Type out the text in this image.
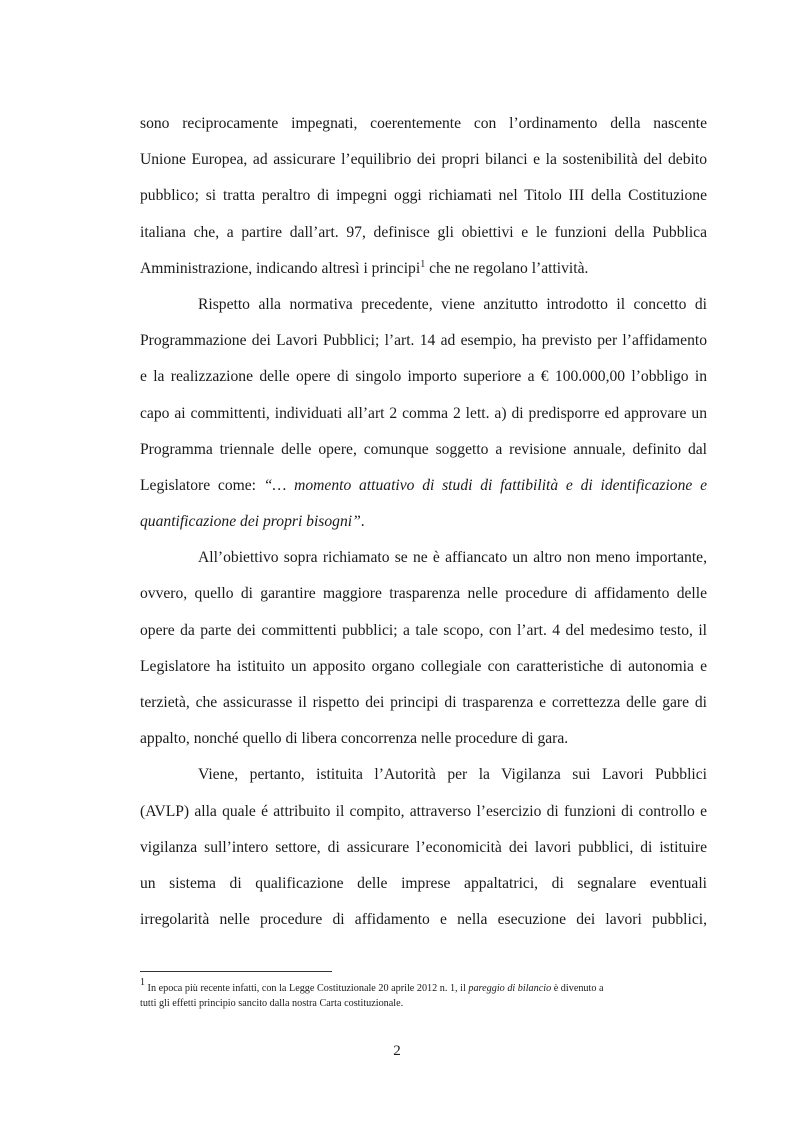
sono reciprocamente impegnati, coerentemente con l’ordinamento della nascente
Unione Europea, ad assicurare l’equilibrio dei propri bilanci e la sostenibilità del debito
pubblico; si tratta peraltro di impegni oggi richiamati nel Titolo III della Costituzione
italiana che, a partire dall’art. 97, definisce gli obiettivi e le funzioni della Pubblica
Amministrazione, indicando altresì i principi$^1$ che ne regolano l’attività.
Rispetto alla normativa precedente, viene anzitutto introdotto il concetto di
Programmazione dei Lavori Pubblici; l’art. 14 ad esempio, ha previsto per l’affidamento
e la realizzazione delle opere di singolo importo superiore a € 100.000,00 l’obbligo in
capo ai committenti, individuati all’art 2 comma 2 lett. a) di predisporre ed approvare un
Programma triennale delle opere, comunque soggetto a revisione annuale, definito dal
Legislatore come: “… momento attuativo di studi di fattibilità e di identificazione e
quantificazione dei propri bisogni”.
All’obiettivo sopra richiamato se ne è affiancato un altro non meno importante,
ovvero, quello di garantire maggiore trasparenza nelle procedure di affidamento delle
opere da parte dei committenti pubblici; a tale scopo, con l’art. 4 del medesimo testo, il
Legislatore ha istituito un apposito organo collegiale con caratteristiche di autonomia e
terzietà, che assicurasse il rispetto dei principi di trasparenza e correttezza delle gare di
appalto, nonché quello di libera concorrenza nelle procedure di gara.
Viene, pertanto, istituita l’Autorità per la Vigilanza sui Lavori Pubblici
(AVLP) alla quale é attribuito il compito, attraverso l’esercizio di funzioni di controllo e
vigilanza sull’intero settore, di assicurare l’economicità dei lavori pubblici, di istituire
un sistema di qualificazione delle imprese appaltatrici, di segnalare eventuali
irregolarità nelle procedure di affidamento e nella esecuzione dei lavori pubblici,
$^1$ In epoca più recente infatti, con la Legge Costituzionale 20 aprile 2012 n. 1, il pareggio di bilancio è divenuto a
tutti gli effetti principio sancito dalla nostra Carta costituzionale.
2
